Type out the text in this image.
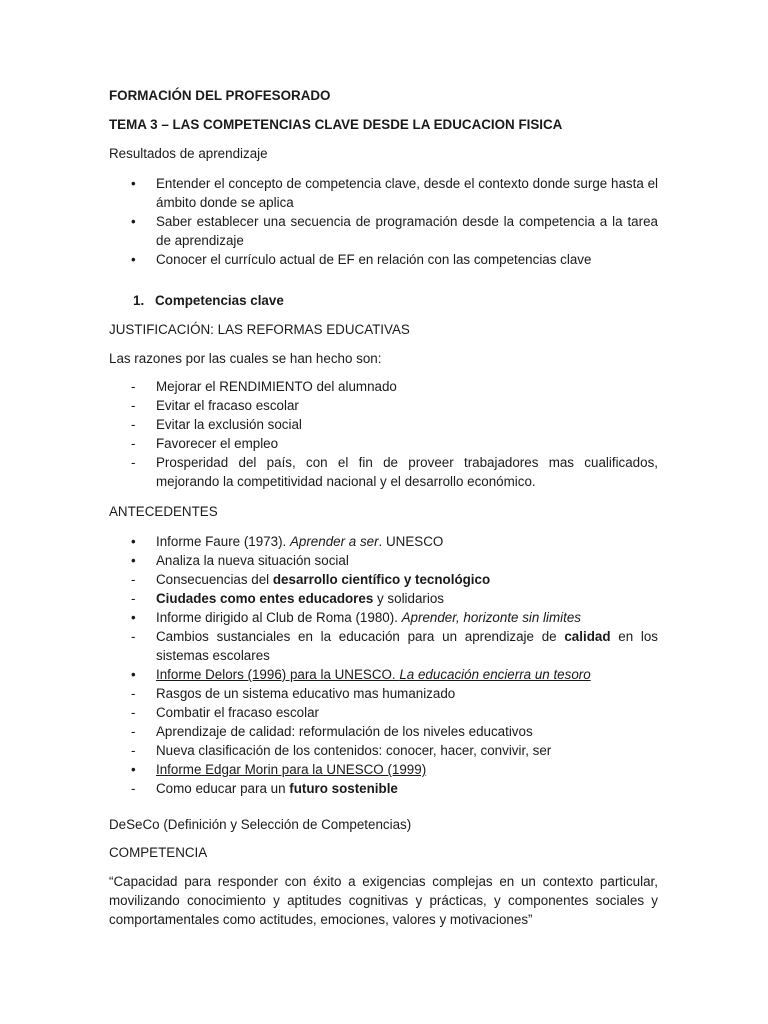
FORMACIÓN DEL PROFESORADO

TEMA 3 – LAS COMPETENCIAS CLAVE DESDE LA EDUCACION FISICA

Resultados de aprendizaje

• Entender el concepto de competencia clave, desde el contexto donde surge hasta el ámbito donde se aplica
• Saber establecer una secuencia de programación desde la competencia a la tarea de aprendizaje
• Conocer el currículo actual de EF en relación con las competencias clave

1. Competencias clave

JUSTIFICACIÓN: LAS REFORMAS EDUCATIVAS

Las razones por las cuales se han hecho son:

- Mejorar el RENDIMIENTO del alumnado
- Evitar el fracaso escolar
- Evitar la exclusión social
- Favorecer el empleo
- Prosperidad del país, con el fin de proveer trabajadores mas cualificados, mejorando la competitividad nacional y el desarrollo económico.

ANTECEDENTES

• Informe Faure (1973). Aprender a ser. UNESCO
• Analiza la nueva situación social
- Consecuencias del desarrollo científico y tecnológico
- Ciudades como entes educadores y solidarios
• Informe dirigido al Club de Roma (1980). Aprender, horizonte sin limites
- Cambios sustanciales en la educación para un aprendizaje de calidad en los sistemas escolares
• Informe Delors (1996) para la UNESCO. La educación encierra un tesoro
- Rasgos de un sistema educativo mas humanizado
- Combatir el fracaso escolar
- Aprendizaje de calidad: reformulación de los niveles educativos
- Nueva clasificación de los contenidos: conocer, hacer, convivir, ser
• Informe Edgar Morin para la UNESCO (1999)
- Como educar para un futuro sostenible

DeSeCo (Definición y Selección de Competencias)

COMPETENCIA

“Capacidad para responder con éxito a exigencias complejas en un contexto particular, movilizando conocimiento y aptitudes cognitivas y prácticas, y componentes sociales y comportamentales como actitudes, emociones, valores y motivaciones”
